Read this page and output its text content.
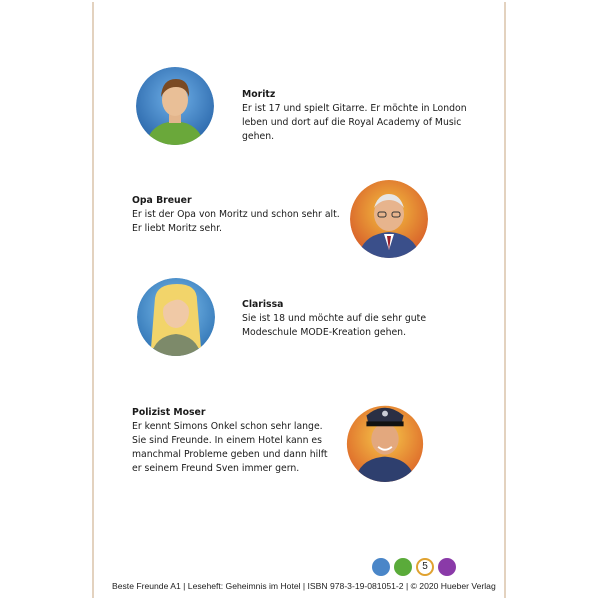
Moritz
Er ist 17 und spielt Gitarre. Er möchte in London
leben und dort auf die Royal Academy of Music
gehen.
Opa Breuer
Er ist der Opa von Moritz und schon sehr alt.
Er liebt Moritz sehr.
Clarissa
Sie ist 18 und möchte auf die sehr gute
Modeschule MODE-Kreation gehen.
Polizist Moser
Er kennt Simons Onkel schon sehr lange.
Sie sind Freunde. In einem Hotel kann es
manchmal Probleme geben und dann hilft
er seinem Freund Sven immer gern.
5
Beste Freunde A1 | Leseheft: Geheimnis im Hotel | ISBN 978-3-19-081051-2 | © 2020 Hueber Verlag
